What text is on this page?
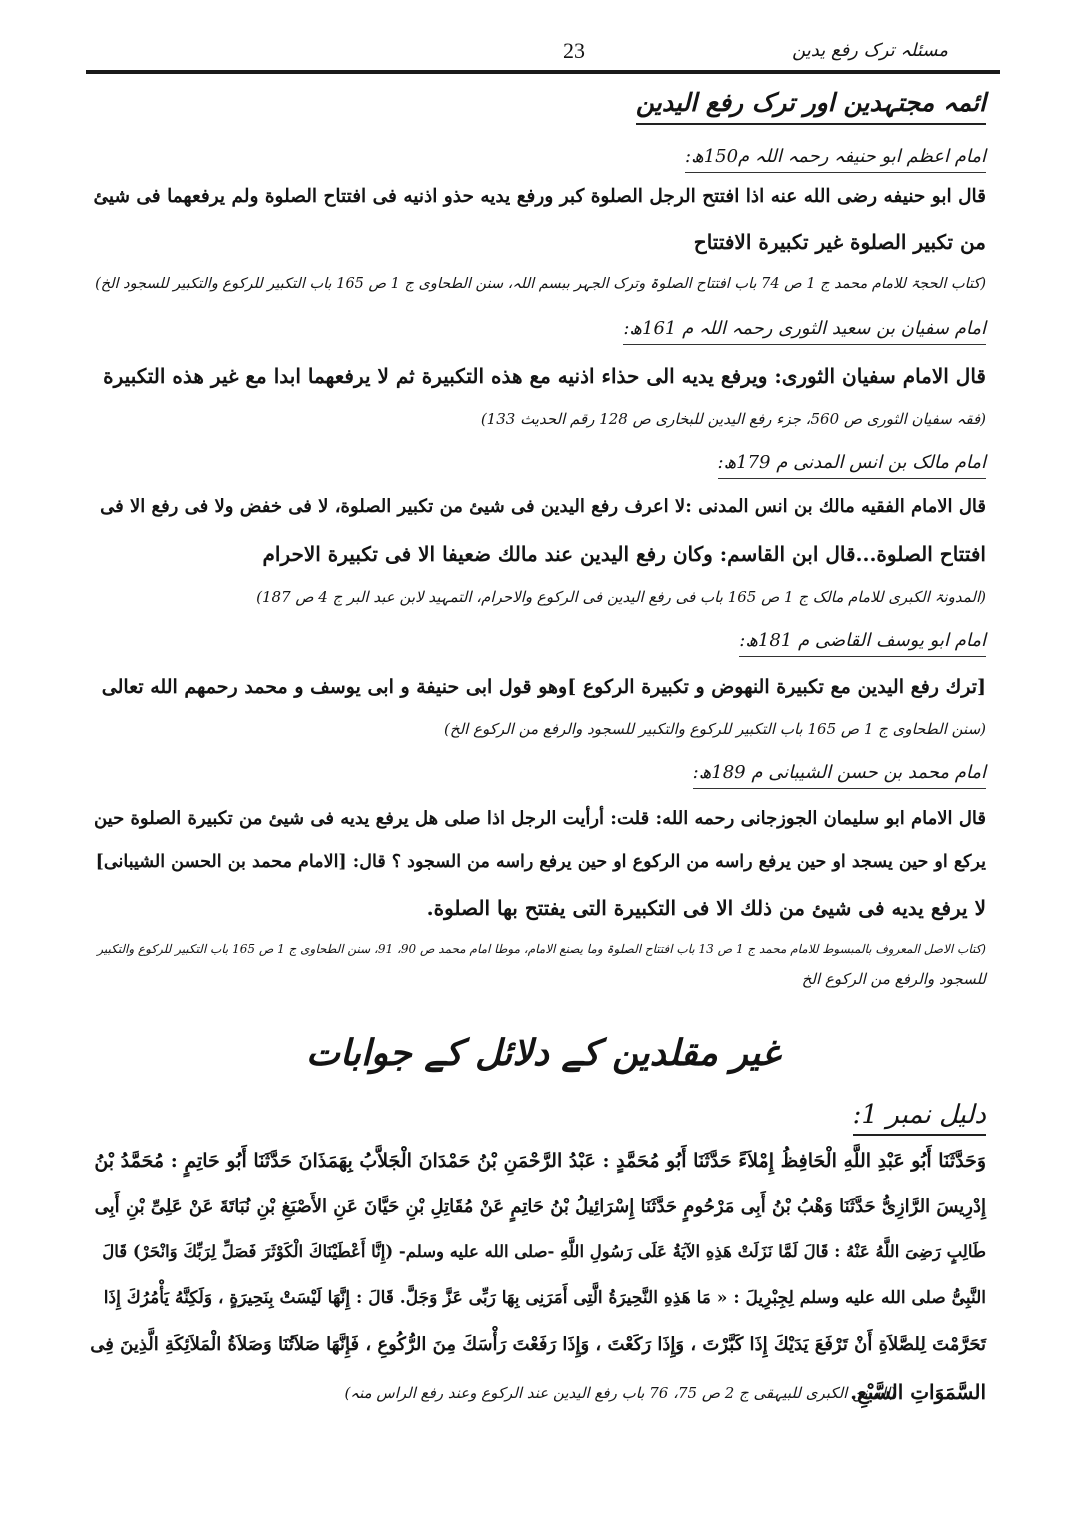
مسئلہ ترک رفع یدین
23
ائمہ مجتہدین اور ترک رفع الیدین
امام اعظم ابو حنیفہ رحمہ اللہ م150ھ:
قال ابو حنیفه رضی الله عنه اذا افتتح الرجل الصلوة کبر ورفع یدیه حذو اذنیه فی افتتاح الصلوة ولم یرفعهما فی شیئ
من تکبیر الصلوة غیر تکبیرة الافتتاح
(کتاب الحجۃ للامام محمد ج 1 ص 74 باب افتتاح الصلوۃ وترک الجہر ببسم اللہ، سنن الطحاوی ج 1 ص 165 باب التکبیر للرکوع والتکبیر للسجود الخ)
امام سفیان بن سعید الثوری رحمہ اللہ م 161ھ:
قال الامام سفیان الثوری: ویرفع یدیه الی حذاء اذنیه مع هذه التکبیرة ثم لا یرفعهما ابدا مع غیر هذه التکبیرة
(فقہ سفیان الثوری ص 560، جزء رفع الیدین للبخاری ص 128 رقم الحدیث 133)
امام مالک بن انس المدنی م 179ھ:
قال الامام الفقیه مالك بن انس المدنی :لا اعرف رفع الیدین فی شیئ من تکبیر الصلوة، لا فی خفض ولا فی رفع الا فی
افتتاح الصلوة...قال ابن القاسم: وکان رفع الیدین عند مالك ضعیفا الا فی تکبیرة الاحرام
(المدونۃ الکبری للامام مالک ج 1 ص 165 باب فی رفع الیدین فی الرکوع والاحرام، التمہید لابن عبد البر ج 4 ص 187)
امام ابو یوسف القاضی م 181ھ:
[ترك رفع الیدین مع تکبیرة النهوض و تکبیرة الرکوع ]وهو قول ابی حنیفة و ابی یوسف و محمد رحمهم الله تعالی
(سنن الطحاوی ج 1 ص 165 باب التکبیر للرکوع والتکبیر للسجود والرفع من الرکوع الخ)
امام محمد بن حسن الشیبانی م 189ھ:
قال الامام ابو سلیمان الجوزجانی رحمه الله: قلت: أرأیت الرجل اذا صلی هل یرفع یدیه فی شیئ من تکبیرة الصلوة حین
یرکع او حین یسجد او حین یرفع راسه من الرکوع او حین یرفع راسه من السجود ؟ قال: [الامام محمد بن الحسن الشیبانی]
لا یرفع یدیه فی شیئ من ذلك الا فی التکبیرة التی یفتتح بها الصلوة.
(کتاب الاصل المعروف بالمبسوط للامام محمد ج 1 ص 13 باب افتتاح الصلوۃ وما یصنع الامام، موطا امام محمد ص 90، 91، سنن الطحاوی ج 1 ص 165 باب التکبیر للرکوع والتکبیر
للسجود والرفع من الرکوع الخ
غیر مقلدین کے دلائل کے جوابات
دلیل نمبر 1:
وَحَدَّثَنَا أَبُو عَبْدِ اللَّهِ الْحَافِظُ إِمْلاَءً حَدَّثَنَا أَبُو مُحَمَّدٍ : عَبْدُ الرَّحْمَنِ بْنُ حَمْدَانَ الْجَلاَّبُ بِهَمَذَانَ حَدَّثَنَا أَبُو حَاتِمٍ : مُحَمَّدُ بْنُ
إِدْرِيسَ الرَّازِىُّ حَدَّثَنَا وَهْبُ بْنُ أَبِى مَرْحُومٍ حَدَّثَنَا إِسْرَائِيلُ بْنُ حَاتِمٍ عَنْ مُقَاتِلِ بْنِ حَيَّانَ عَنِ الأَصْبَغِ بْنِ نُبَاتَةَ عَنْ عَلِىِّ بْنِ أَبِى
طَالِبٍ رَضِىَ اللَّهُ عَنْهُ : قَالَ لَمَّا نَزَلَتْ هَذِهِ الآيَةُ عَلَى رَسُولِ اللَّهِ -صلى الله عليه وسلم- (إِنَّا أَعْطَيْنَاكَ الْكَوْثَرَ فَصَلِّ لِرَبِّكَ وَانْحَرْ) قَالَ
النَّبِىُّ صلى الله عليه وسلم لِجِبْرِيلَ : « مَا هَذِهِ النَّحِيرَةُ الَّتِى أَمَرَنِى بِهَا رَبِّى عَزَّ وَجَلَّ. قَالَ : إِنَّهَا لَيْسَتْ بِنَحِيرَةٍ ، وَلَكِنَّهُ يَأْمُرُكَ إِذَا
تَحَرَّمْتَ لِلصَّلاَةِ أَنْ تَرْفَعَ يَدَيْكَ إِذَا كَبَّرْتَ ، وَإِذَا رَكَعْتَ ، وَإِذَا رَفَعْتَ رَأْسَكَ مِنَ الرُّكُوعِ ، فَإِنَّهَا صَلاَتُنَا وَصَلاَةُ الْمَلاَئِكَةِ الَّذِينَ فِى
السَّمَوَاتِ السَّبْعِ.
(السنن الکبری للبیہقی ج 2 ص 75، 76 باب رفع الیدین عند الرکوع وعند رفع الراس منہ)
